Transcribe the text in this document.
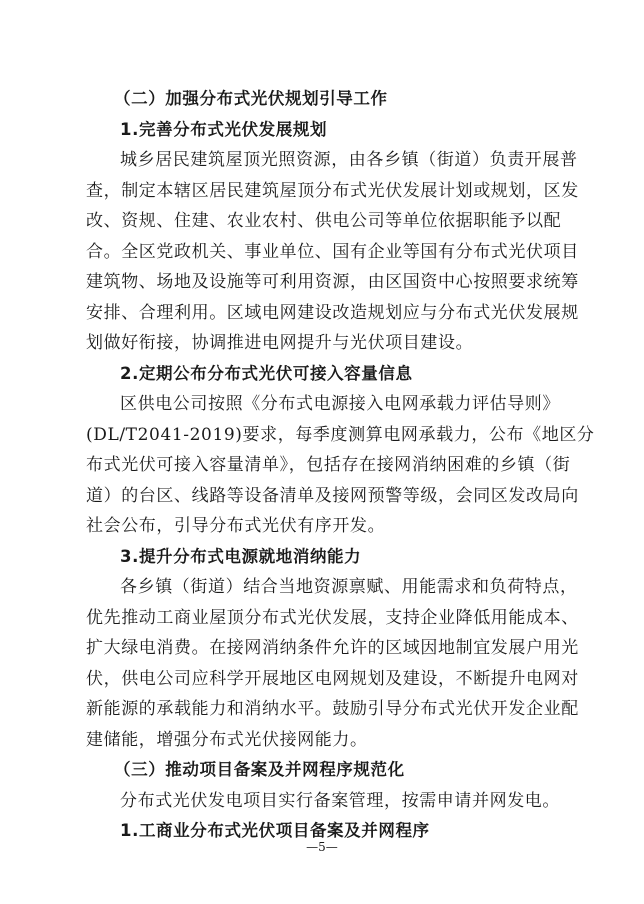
（二）加强分布式光伏规划引导工作
1.完善分布式光伏发展规划
城乡居民建筑屋顶光照资源，由各乡镇（街道）负责开展普
查，制定本辖区居民建筑屋顶分布式光伏发展计划或规划，区发
改、资规、住建、农业农村、供电公司等单位依据职能予以配
合。全区党政机关、事业单位、国有企业等国有分布式光伏项目
建筑物、场地及设施等可利用资源，由区国资中心按照要求统筹
安排、合理利用。区域电网建设改造规划应与分布式光伏发展规
划做好衔接，协调推进电网提升与光伏项目建设。
2.定期公布分布式光伏可接入容量信息
区供电公司按照《分布式电源接入电网承载力评估导则》
(DL/T2041-2019)要求，每季度测算电网承载力，公布《地区分
布式光伏可接入容量清单》，包括存在接网消纳困难的乡镇（街
道）的台区、线路等设备清单及接网预警等级，会同区发改局向
社会公布，引导分布式光伏有序开发。
3.提升分布式电源就地消纳能力
各乡镇（街道）结合当地资源禀赋、用能需求和负荷特点，
优先推动工商业屋顶分布式光伏发展，支持企业降低用能成本、
扩大绿电消费。在接网消纳条件允许的区域因地制宜发展户用光
伏，供电公司应科学开展地区电网规划及建设，不断提升电网对
新能源的承载能力和消纳水平。鼓励引导分布式光伏开发企业配
建储能，增强分布式光伏接网能力。
（三）推动项目备案及并网程序规范化
分布式光伏发电项目实行备案管理，按需申请并网发电。
1.工商业分布式光伏项目备案及并网程序
—5—
